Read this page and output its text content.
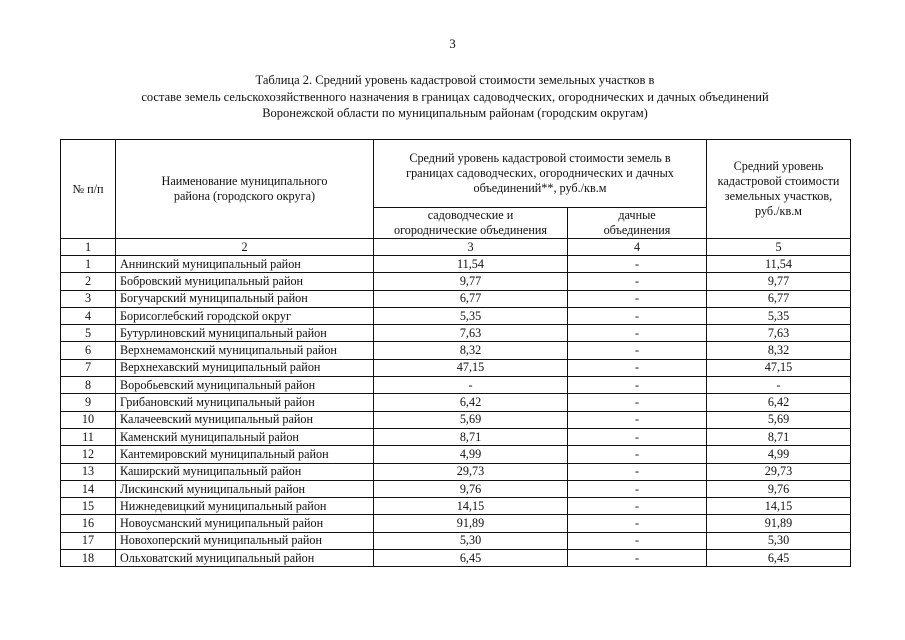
3
Таблица 2. Средний уровень кадастровой стоимости земельных участков в
составе земель сельскохозяйственного назначения в границах садоводческих, огороднических и дачных объединений
Воронежской области по муниципальным районам (городским округам)
№ п/п	Наименование муниципального района (городского округа)	Средний уровень кадастровой стоимости земель в границах садоводческих, огороднических и дачных объединений**, руб./кв.м		Средний уровень кадастровой стоимости земельных участков, руб./кв.м
		садоводческие и огороднические объединения	дачные объединения	
1	2	3	4	5
1	Аннинский муниципальный район	11,54	-	11,54
2	Бобровский муниципальный район	9,77	-	9,77
3	Богучарский муниципальный район	6,77	-	6,77
4	Борисоглебский городской округ	5,35	-	5,35
5	Бутурлиновский муниципальный район	7,63	-	7,63
6	Верхнемамонский муниципальный район	8,32	-	8,32
7	Верхнехавский муниципальный район	47,15	-	47,15
8	Воробьевский муниципальный район	-	-	-
9	Грибановский муниципальный район	6,42	-	6,42
10	Калачеевский муниципальный район	5,69	-	5,69
11	Каменский муниципальный район	8,71	-	8,71
12	Кантемировский муниципальный район	4,99	-	4,99
13	Каширский муниципальный район	29,73	-	29,73
14	Лискинский муниципальный район	9,76	-	9,76
15	Нижнедевицкий муниципальный район	14,15	-	14,15
16	Новоусманский муниципальный район	91,89	-	91,89
17	Новохоперский муниципальный район	5,30	-	5,30
18	Ольховатский муниципальный район	6,45	-	6,45
